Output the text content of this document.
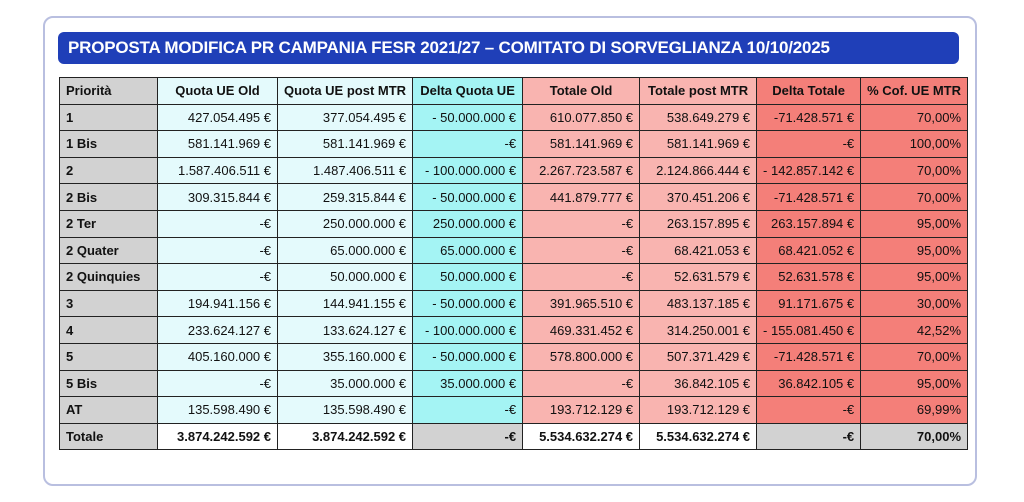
PROPOSTA MODIFICA PR CAMPANIA FESR 2021/27 – COMITATO DI SORVEGLIANZA 10/10/2025
Priorità	Quota UE Old	Quota UE post MTR	Delta Quota UE	Totale Old	Totale post MTR	Delta Totale	% Cof. UE MTR
1	427.054.495 €	377.054.495 €	- 50.000.000 €	610.077.850 €	538.649.279 €	-71.428.571 €	70,00%
1 Bis	581.141.969 €	581.141.969 €	-€	581.141.969 €	581.141.969 €	-€	100,00%
2	1.587.406.511 €	1.487.406.511 €	- 100.000.000 €	2.267.723.587 €	2.124.866.444 €	- 142.857.142 €	70,00%
2 Bis	309.315.844 €	259.315.844 €	- 50.000.000 €	441.879.777 €	370.451.206 €	-71.428.571 €	70,00%
2 Ter	-€	250.000.000 €	250.000.000 €	-€	263.157.895 €	263.157.894 €	95,00%
2 Quater	-€	65.000.000 €	65.000.000 €	-€	68.421.053 €	68.421.052 €	95,00%
2 Quinquies	-€	50.000.000 €	50.000.000 €	-€	52.631.579 €	52.631.578 €	95,00%
3	194.941.156 €	144.941.155 €	- 50.000.000 €	391.965.510 €	483.137.185 €	91.171.675 €	30,00%
4	233.624.127 €	133.624.127 €	- 100.000.000 €	469.331.452 €	314.250.001 €	- 155.081.450 €	42,52%
5	405.160.000 €	355.160.000 €	- 50.000.000 €	578.800.000 €	507.371.429 €	-71.428.571 €	70,00%
5 Bis	-€	35.000.000 €	35.000.000 €	-€	36.842.105 €	36.842.105 €	95,00%
AT	135.598.490 €	135.598.490 €	-€	193.712.129 €	193.712.129 €	-€	69,99%
Totale	3.874.242.592 €	3.874.242.592 €	-€	5.534.632.274 €	5.534.632.274 €	-€	70,00%
